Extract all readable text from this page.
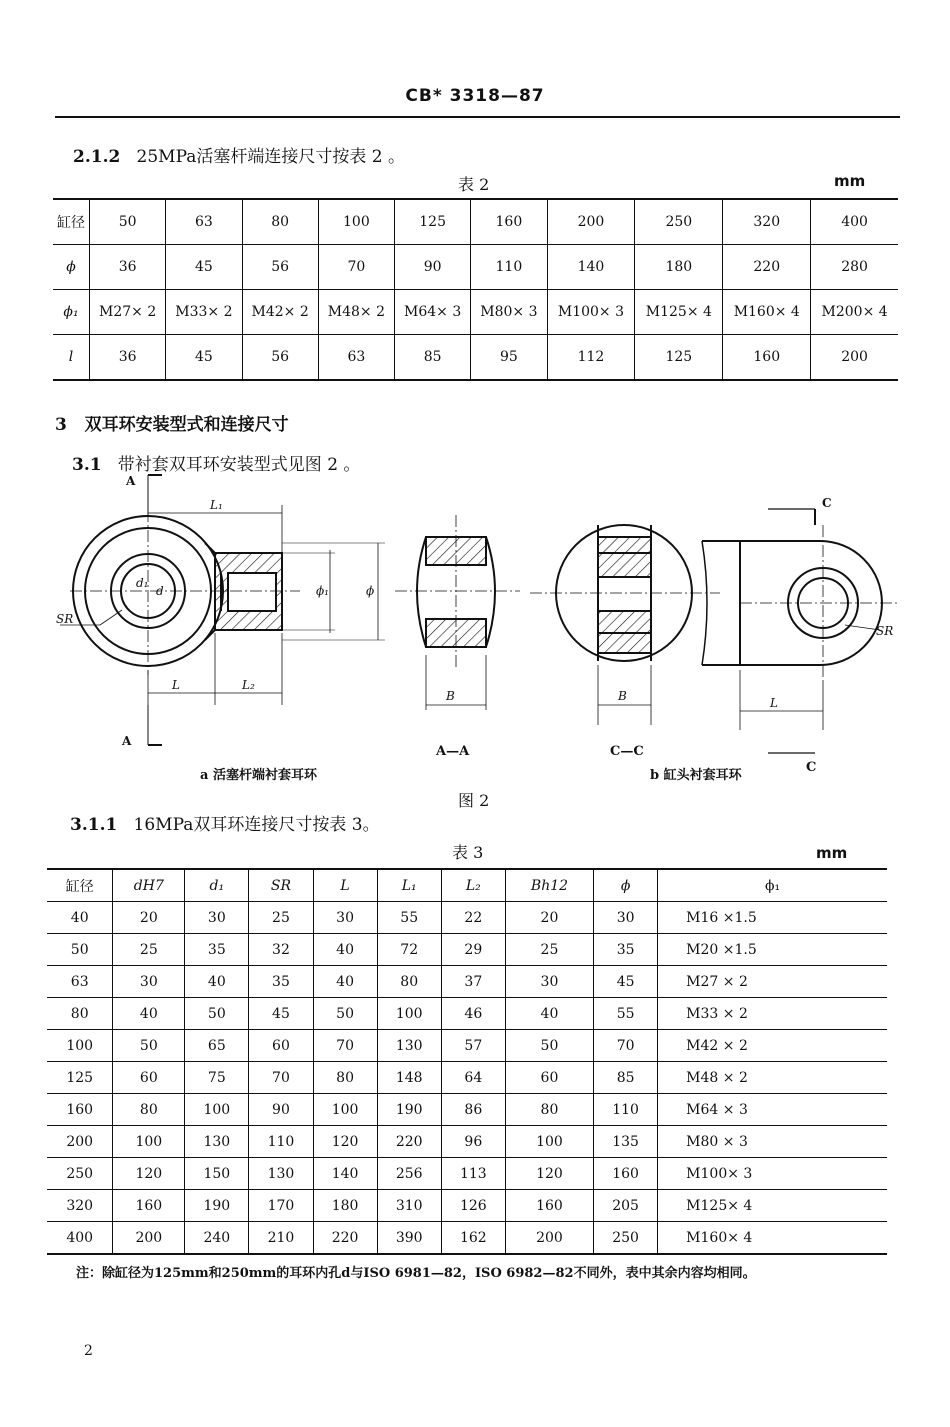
CB* 3318—87
2.1.2 25MPa活塞杆端连接尺寸按表 2 。
表 2	mm
缸径	50	63	80	100	125	160	200	250	320	400
ϕ	36	45	56	70	90	110	140	180	220	280
ϕ₁	M27× 2	M33× 2	M42× 2	M48× 2	M64× 3	M80× 3	M100× 3	M125× 4	M160× 4	M200× 4
l	36	45	56	63	85	95	112	125	160	200
3 双耳环安装型式和连接尺寸
3.1 带衬套双耳环安装型式见图 2 。
A
A
L₁
L	L₂
SR
d₁
d	ϕ₁	ϕ
B	B	L
SR
C
A—A	C—C
a 活塞杆端衬套耳环	b 缸头衬套耳环
C
图 2
3.1.1 16MPa双耳环连接尺寸按表 3。
表 3	mm
缸径	dH7	d₁	SR	L	L₁	L₂	Bh12	ϕ	ϕ₁
40	20	30	25	30	55	22	20	30	M16 ×1.5
50	25	35	32	40	72	29	25	35	M20 ×1.5
63	30	40	35	40	80	37	30	45	M27 × 2
80	40	50	45	50	100	46	40	55	M33 × 2
100	50	65	60	70	130	57	50	70	M42 × 2
125	60	75	70	80	148	64	60	85	M48 × 2
160	80	100	90	100	190	86	80	110	M64 × 3
200	100	130	110	120	220	96	100	135	M80 × 3
250	120	150	130	140	256	113	120	160	M100× 3
320	160	190	170	180	310	126	160	205	M125× 4
400	200	240	210	220	390	162	200	250	M160× 4
注：除缸径为125mm和250mm的耳环内孔d与ISO 6981—82，ISO 6982—82不同外，表中其余内容均相同。
2
